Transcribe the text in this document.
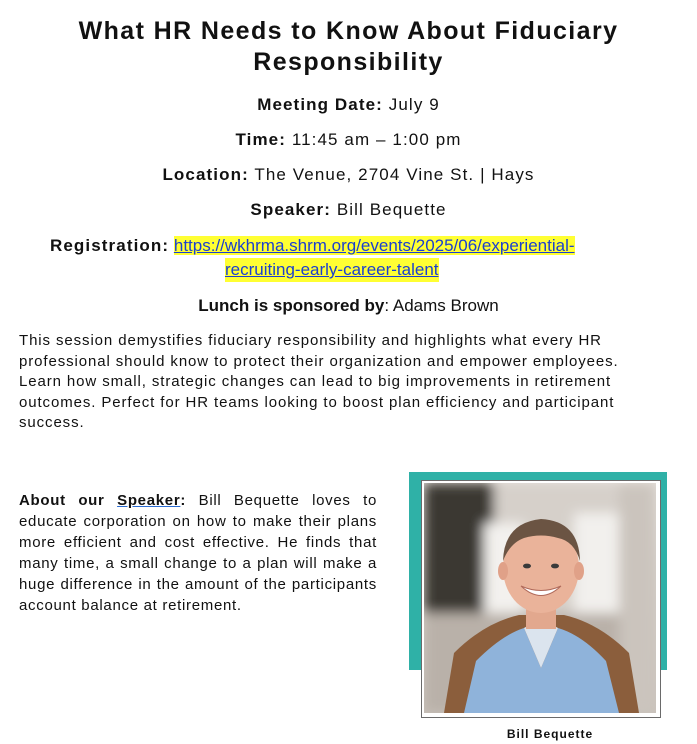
What HR Needs to Know About Fiduciary Responsibility
Meeting Date: July 9
Time: 11:45 am – 1:00 pm
Location: The Venue, 2704 Vine St. | Hays
Speaker: Bill Bequette
Registration: https://wkhrma.shrm.org/events/2025/06/experiential-
recruiting-early-career-talent
Lunch is sponsored by: Adams Brown
This session demystifies fiduciary responsibility and highlights what every HR professional should know to protect their organization and empower employees. Learn how small, strategic changes can lead to big improvements in retirement outcomes. Perfect for HR teams looking to boost plan efficiency and participant success.
About our Speaker: Bill Bequette loves to educate corporation on how to make their plans more efficient and cost effective. He finds that many time, a small change to a plan will make a huge difference in the amount of the participants account balance at retirement.
Bill Bequette
